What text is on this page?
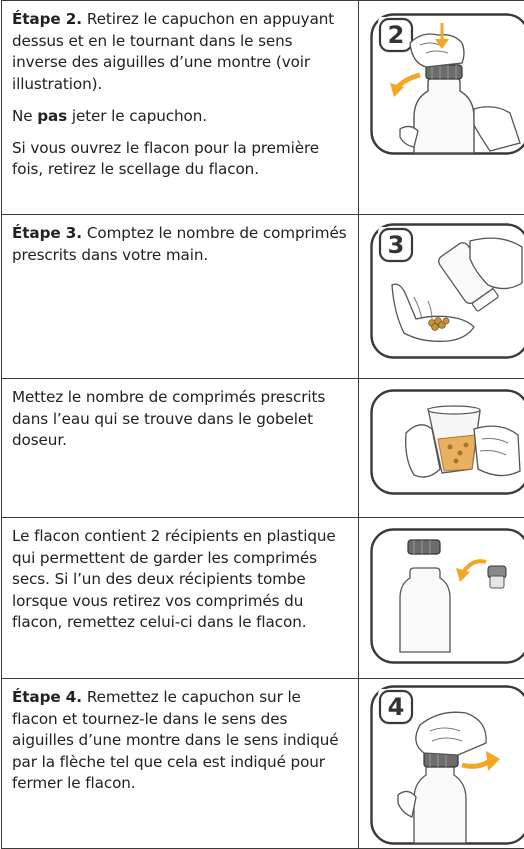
Étape 2. Retirez le capuchon en appuyant dessus et en le tournant dans le sens inverse des aiguilles d’une montre (voir illustration).

Ne pas jeter le capuchon.

Si vous ouvrez le flacon pour la première fois, retirez le scellage du flacon.	2

Étape 3. Comptez le nombre de comprimés prescrits dans votre main.	3

Mettez le nombre de comprimés prescrits dans l’eau qui se trouve dans le gobelet doseur.

Le flacon contient 2 récipients en plastique qui permettent de garder les comprimés secs. Si l’un des deux récipients tombe lorsque vous retirez vos comprimés du flacon, remettez celui-ci dans le flacon.

Étape 4. Remettez le capuchon sur le flacon et tournez-le dans le sens des aiguilles d’une montre dans le sens indiqué par la flèche tel que cela est indiqué pour fermer le flacon.	4
